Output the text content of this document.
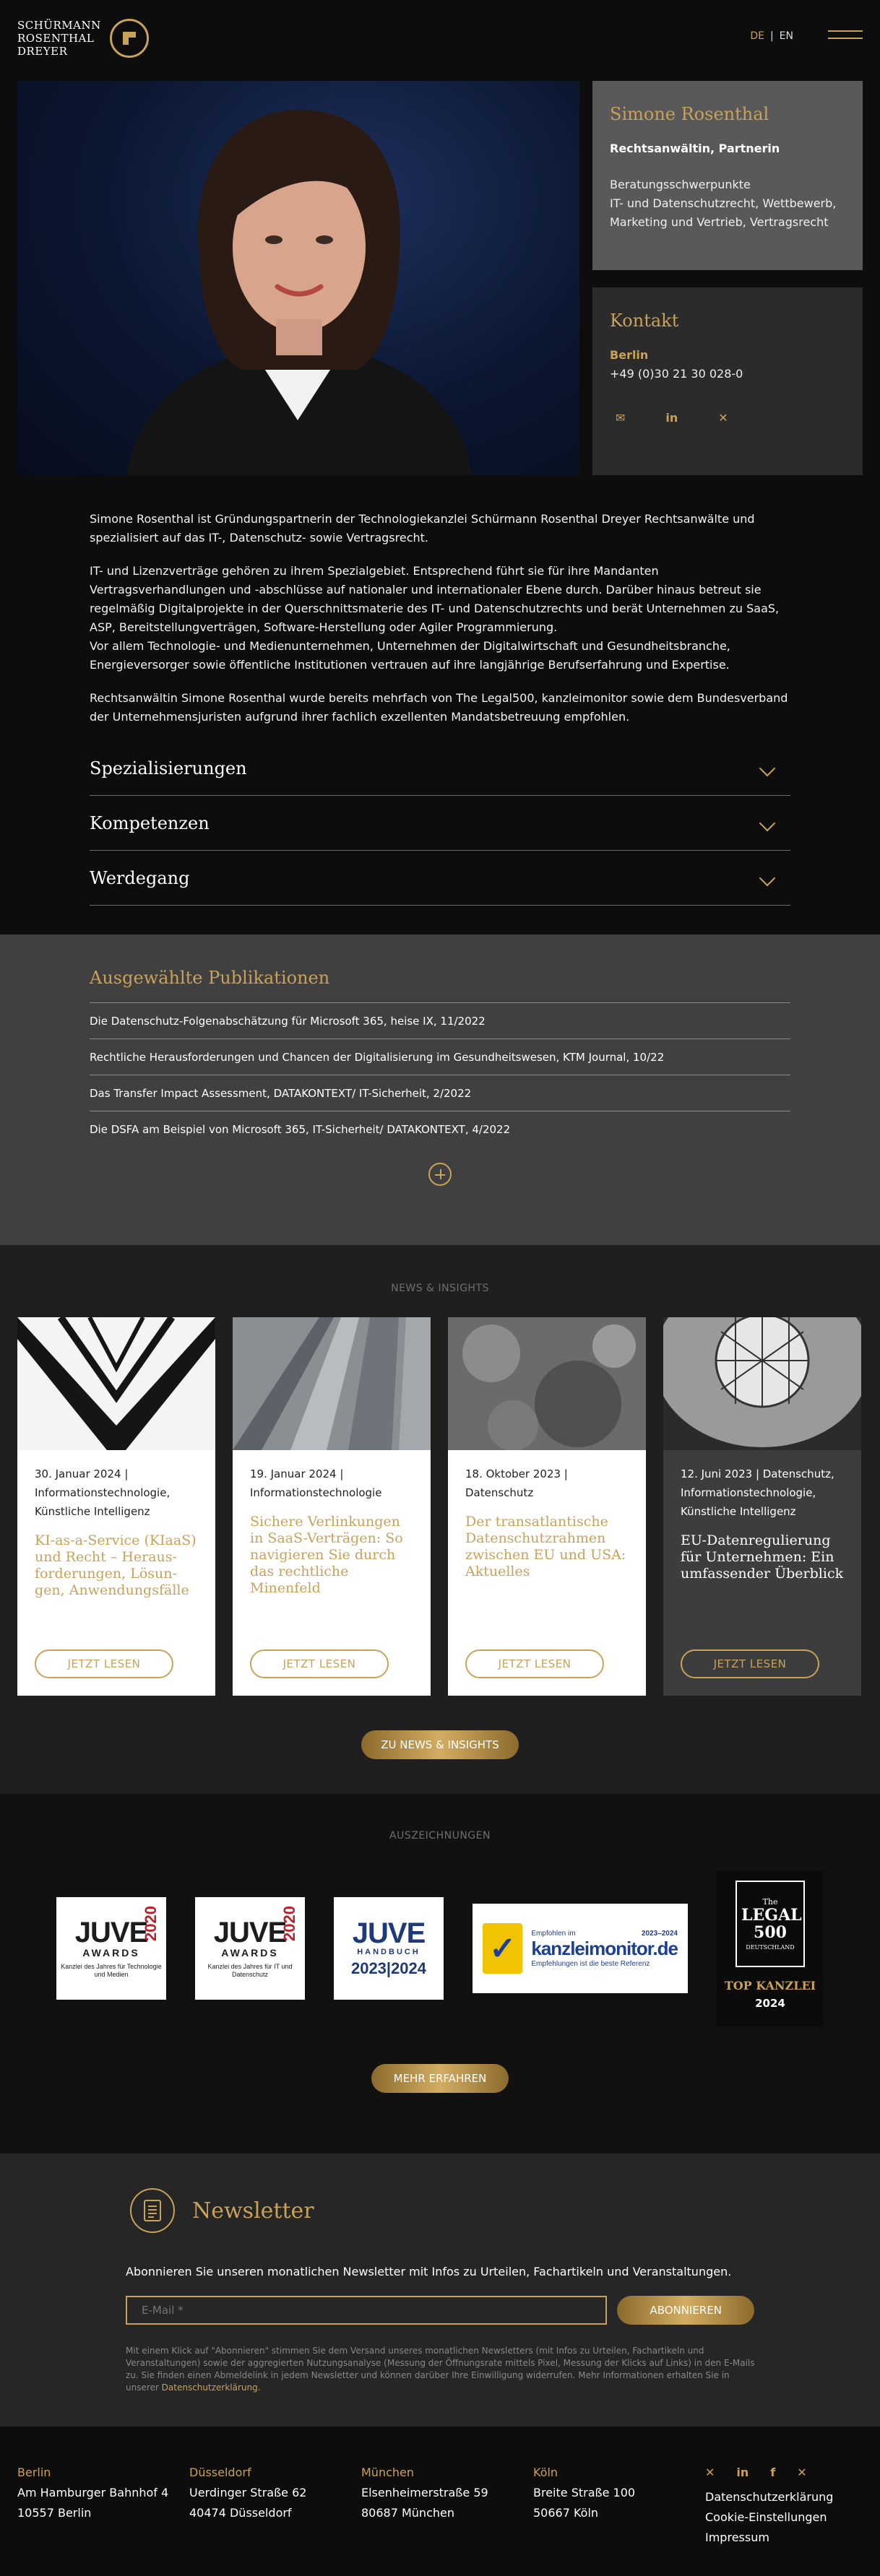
SCHÜRMANN
ROSENTHAL
DREYER
DE | EN
Simone Rosenthal
Rechtsanwältin, Partnerin

Beratungsschwerpunkte

IT- und Datenschutzrecht, Wettbewerb, Marketing und Vertrieb, Vertragsrecht

Kontakt
Berlin

+49 (0)30 21 30 028-0

✉	in	✕

Simone Rosenthal ist Gründungspartnerin der Technologiekanzlei Schürmann Rosenthal Dreyer Rechtsanwälte und spezialisiert auf das IT-, Datenschutz- sowie Vertragsrecht.

IT- und Lizenzverträge gehören zu ihrem Spezialgebiet. Entsprechend führt sie für ihre Mandanten Vertragsverhandlungen und -abschlüsse auf nationaler und internationaler Ebene durch. Darüber hinaus betreut sie regelmäßig Digitalprojekte in der Querschnittsmaterie des IT- und Datenschutzrechts und berät Unternehmen zu SaaS, ASP, Bereitstellungverträgen, Software-Herstellung oder Agiler Programmierung.

Vor allem Technologie- und Medienunternehmen, Unternehmen der Digitalwirtschaft und Gesundheitsbranche, Energieversorger sowie öffentliche Institutionen vertrauen auf ihre langjährige Berufserfahrung und Expertise.

Rechtsanwältin Simone Rosenthal wurde bereits mehrfach von The Legal500, kanzleimonitor sowie dem Bundesverband der Unternehmensjuristen aufgrund ihrer fachlich exzellenten Mandatsbetreuung empfohlen.

Spezialisierungen
Kompetenzen
Werdegang
Ausgewählte Publikationen
Die Datenschutz-Folgenabschätzung für Microsoft 365, heise IX, 11/2022
Rechtliche Herausforderungen und Chancen der Digitalisierung im Gesundheitswesen, KTM Journal, 10/22
Das Transfer Impact Assessment, DATAKONTEXT/ IT-Sicherheit, 2/2022
Die DSFA am Beispiel von Microsoft 365, IT-Sicherheit/ DATAKONTEXT, 4/2022
NEWS & INSIGHTS
30. Januar 2024 | Informationstechnologie, Künstliche Intelligenz
KI-as-a-Service (KIaaS) und Recht – Herausforderungen, Lösungen, Anwendungsfälle
JETZT LESEN
19. Januar 2024 | Informationstechnologie
Sichere Verlinkungen in SaaS-Verträgen: So navigieren Sie durch das rechtliche Minenfeld
JETZT LESEN
18. Oktober 2023 | Datenschutz
Der transatlantische Datenschutzrahmen zwischen EU und USA: Aktuelles
JETZT LESEN
12. Juni 2023 | Datenschutz, Informationstechnologie, Künstliche Intelligenz
EU-Datenregulierung für Unternehmen: Ein umfassender Überblick
JETZT LESEN
ZU NEWS & INSIGHTS
AUSZEICHNUNGEN
JUVE
AWARDS
Kanzlei des Jahres für Technologie und Medien
2020 JUVE
AWARDS
Kanzlei des Jahres für IT und Datenschutz
2020 JUVE
HANDBUCH
2023|2024
✓	Empfohlen im	2023–2024
kanzleimonitor.de
Empfehlungen ist die beste Referenz
The
LEGAL 500
DEUTSCHLAND
TOP KANZLEI
2024
MEHR ERFAHREN
Newsletter
Abonnieren Sie unseren monatlichen Newsletter mit Infos zu Urteilen, Fachartikeln und Veranstaltungen.
E-Mail *
ABONNIEREN
Mit einem Klick auf "Abonnieren" stimmen Sie dem Versand unseres monatlichen Newsletters (mit Infos zu Urteilen, Fachartikeln und Veranstaltungen) sowie der aggregierten Nutzungsanalyse (Messung der Öffnungsrate mittels Pixel, Messung der Klicks auf Links) in den E-Mails zu. Sie finden einen Abmeldelink in jedem Newsletter und können darüber Ihre Einwilligung widerrufen. Mehr Informationen erhalten Sie in unserer Datenschutzerklärung.
Berlin
Am Hamburger Bahnhof 4
10557 Berlin
Düsseldorf
Uerdinger Straße 62
40474 Düsseldorf
München
Elsenheimerstraße 59
80687 München
Köln
Breite Straße 100
50667 Köln
✕ in f ✕
Datenschutzerklärung
Cookie-Einstellungen
Impressum
